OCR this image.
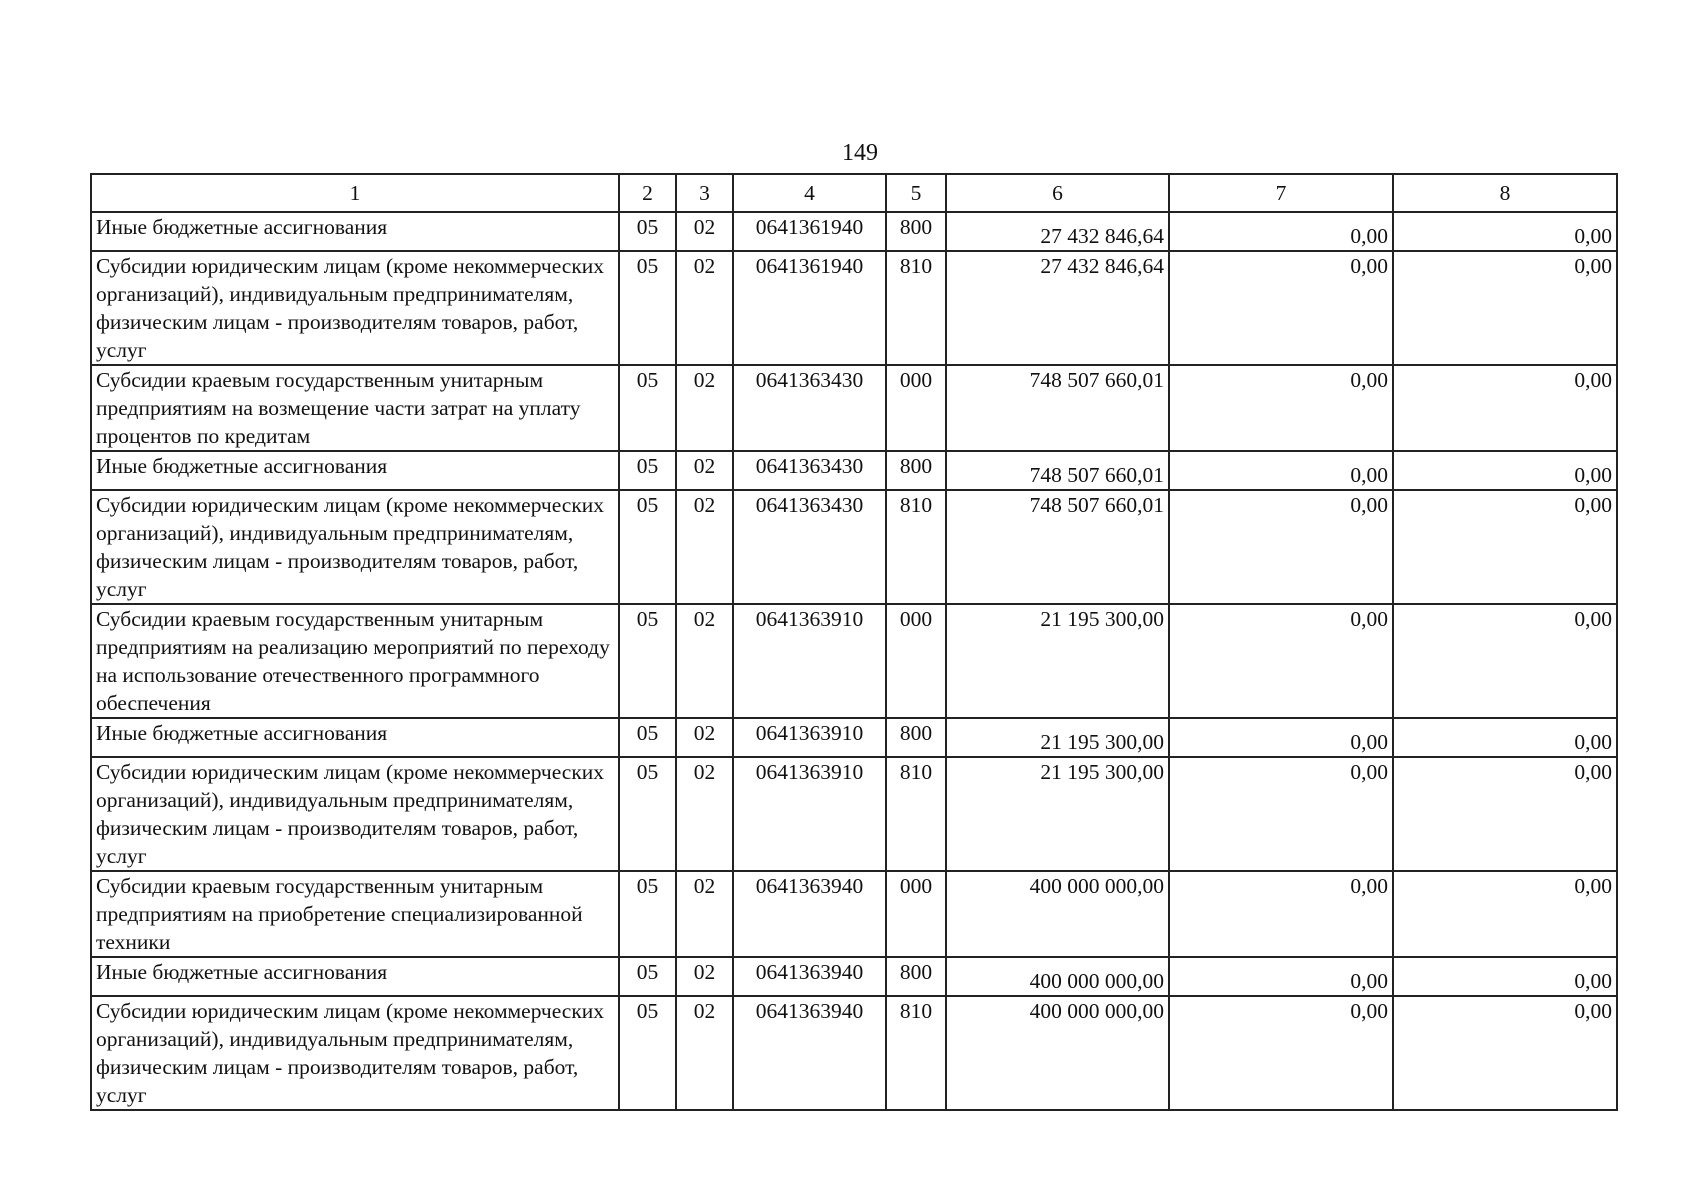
149
1	2	3	4	5	6	7	8
Иные бюджетные ассигнования	05	02	0641361940	800	27 432 846,64	0,00	0,00
Субсидии юридическим лицам (кроме некоммерческих организаций), индивидуальным предпринимателям, физическим лицам - производителям товаров, работ, услуг	05	02	0641361940	810	27 432 846,64	0,00	0,00
Субсидии краевым государственным унитарным предприятиям на возмещение части затрат на уплату процентов по кредитам	05	02	0641363430	000	748 507 660,01	0,00	0,00
Иные бюджетные ассигнования	05	02	0641363430	800	748 507 660,01	0,00	0,00
Субсидии юридическим лицам (кроме некоммерческих организаций), индивидуальным предпринимателям, физическим лицам - производителям товаров, работ, услуг	05	02	0641363430	810	748 507 660,01	0,00	0,00
Субсидии краевым государственным унитарным предприятиям на реализацию мероприятий по переходу на использование отечественного программного обеспечения	05	02	0641363910	000	21 195 300,00	0,00	0,00
Иные бюджетные ассигнования	05	02	0641363910	800	21 195 300,00	0,00	0,00
Субсидии юридическим лицам (кроме некоммерческих организаций), индивидуальным предпринимателям, физическим лицам - производителям товаров, работ, услуг	05	02	0641363910	810	21 195 300,00	0,00	0,00
Субсидии краевым государственным унитарным предприятиям на приобретение специализированной техники	05	02	0641363940	000	400 000 000,00	0,00	0,00
Иные бюджетные ассигнования	05	02	0641363940	800	400 000 000,00	0,00	0,00
Субсидии юридическим лицам (кроме некоммерческих организаций), индивидуальным предпринимателям, физическим лицам - производителям товаров, работ, услуг	05	02	0641363940	810	400 000 000,00	0,00	0,00
